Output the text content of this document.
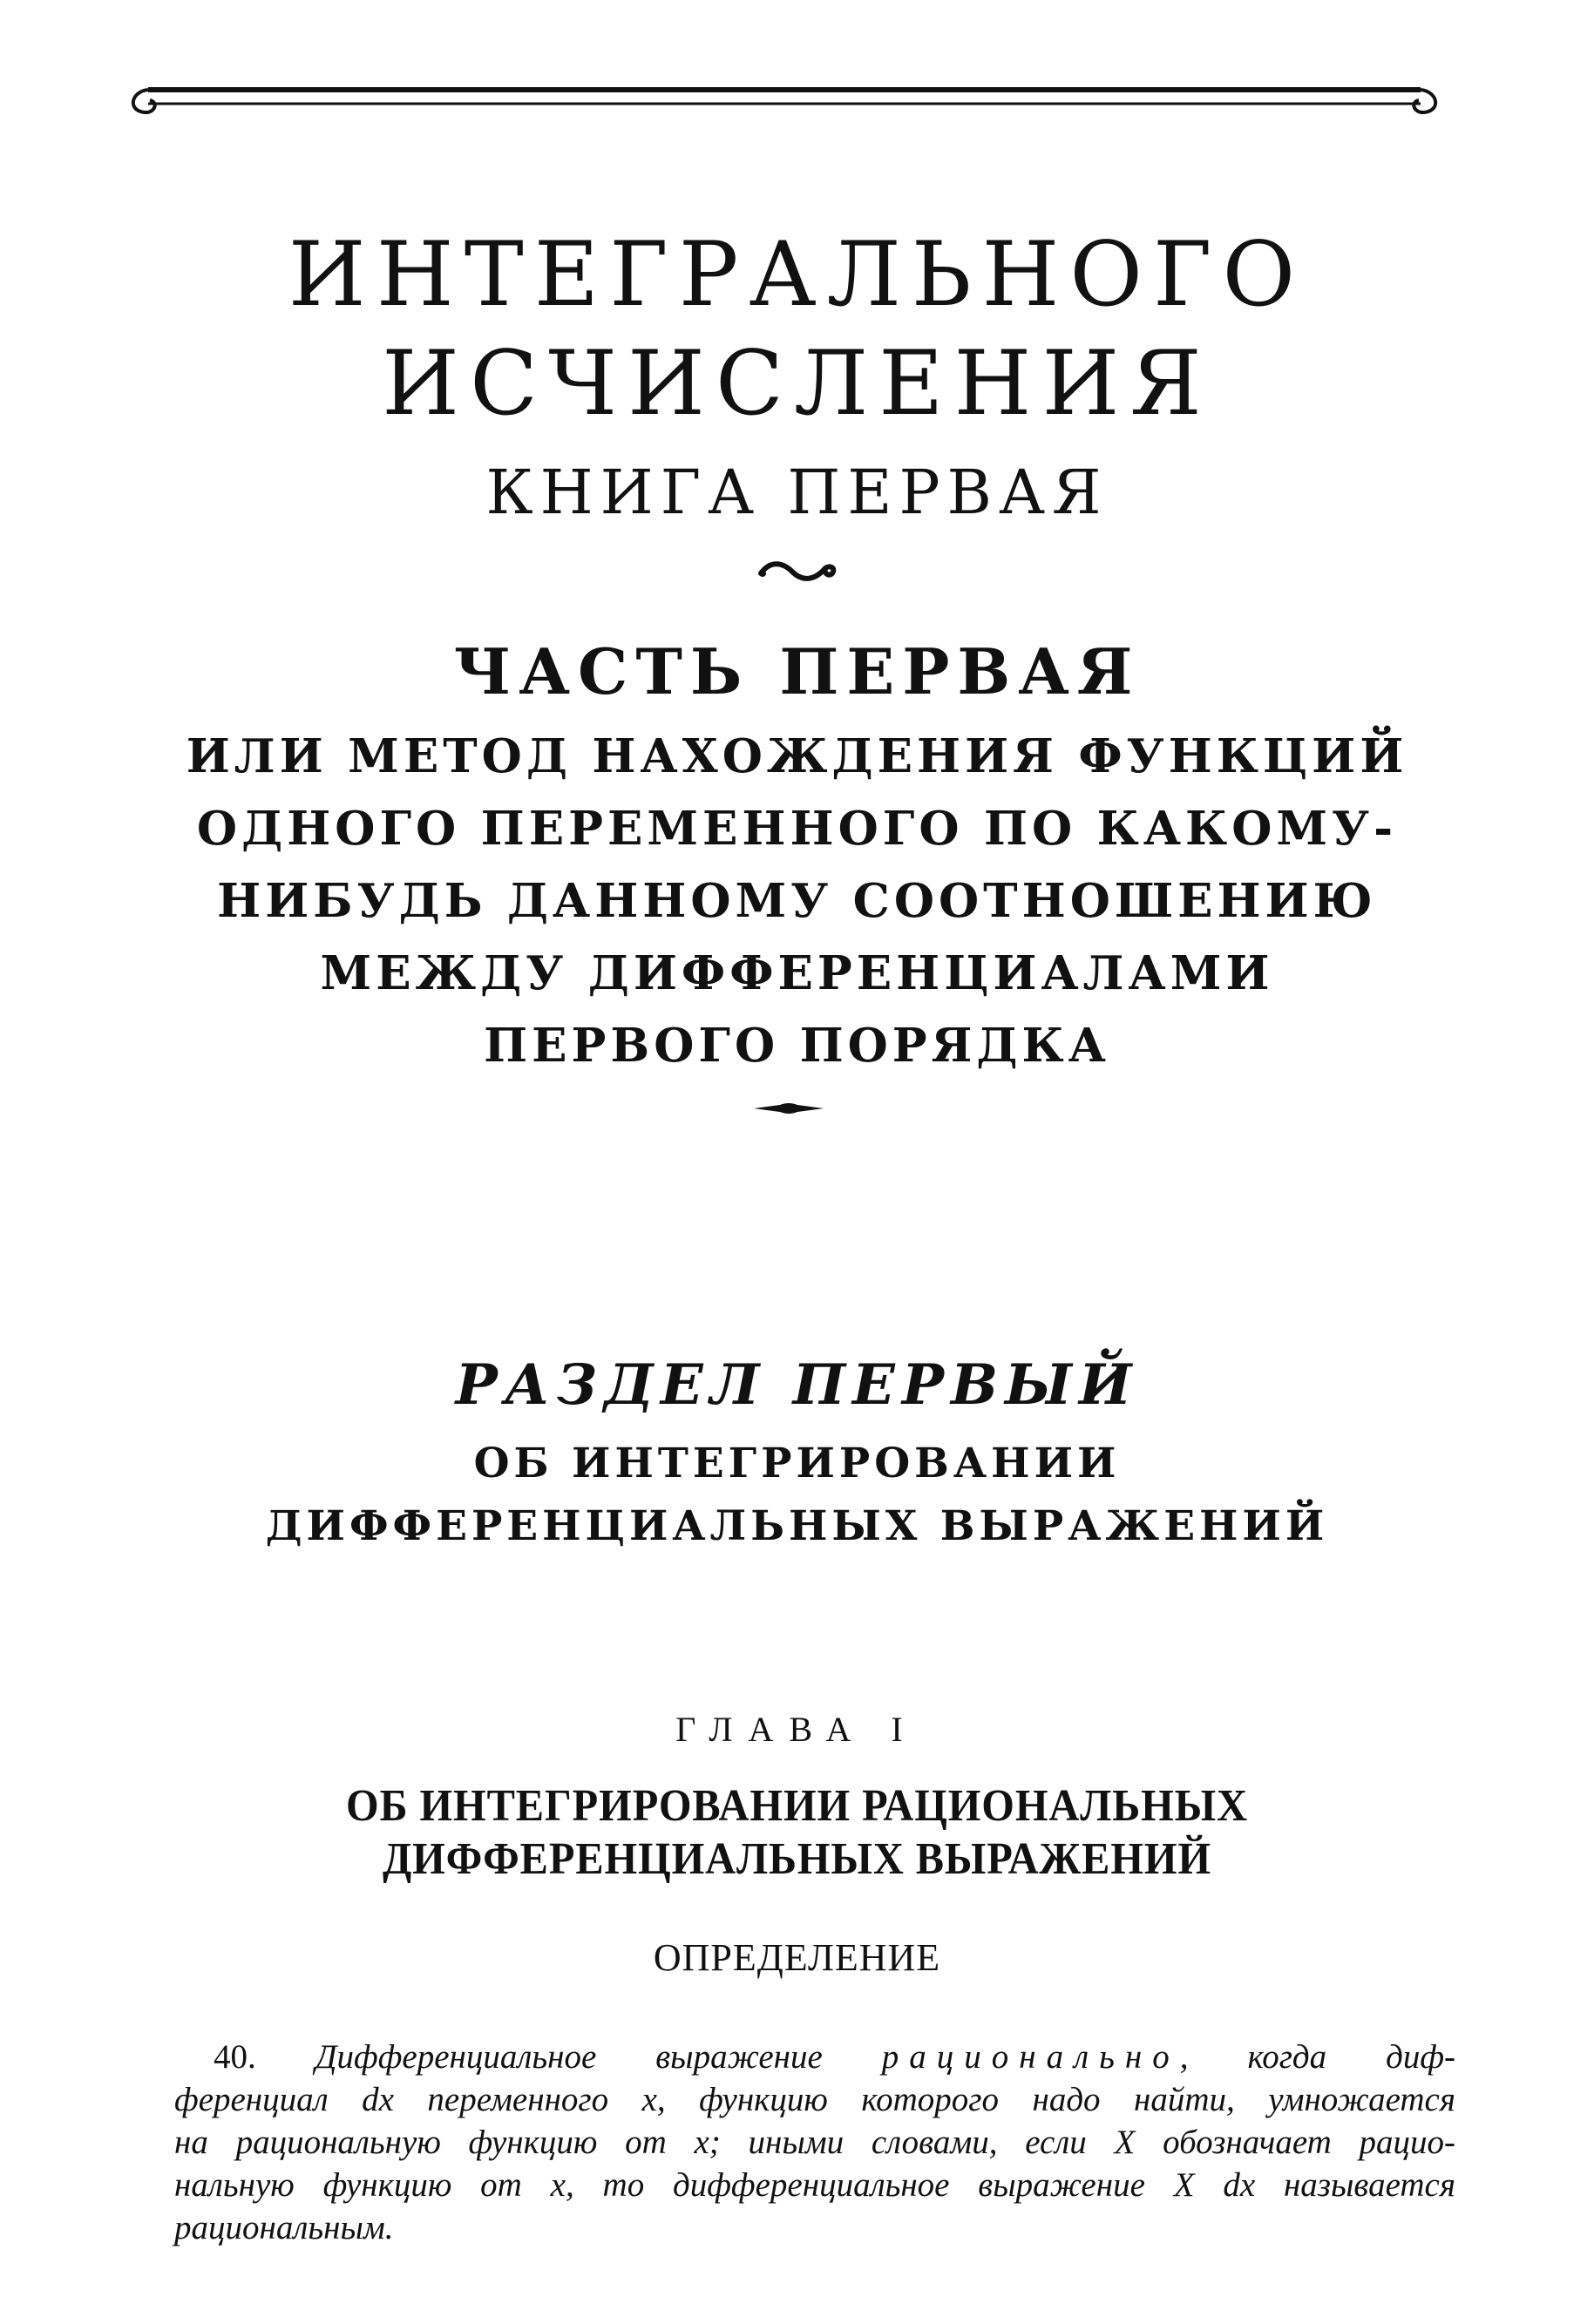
ИНТЕГРАЛЬНОГО
ИСЧИСЛЕНИЯ
КНИГА ПЕРВАЯ
ЧАСТЬ ПЕРВАЯ
ИЛИ МЕТОД НАХОЖДЕНИЯ ФУНКЦИЙ
ОДНОГО ПЕРЕМЕННОГО ПО КАКОМУ-
НИБУДЬ ДАННОМУ СООТНОШЕНИЮ
МЕЖДУ ДИФФЕРЕНЦИАЛАМИ
ПЕРВОГО ПОРЯДКА
РАЗДЕЛ ПЕРВЫЙ
ОБ ИНТЕГРИРОВАНИИ
ДИФФЕРЕНЦИАЛЬНЫХ ВЫРАЖЕНИЙ
ГЛАВА I
ОБ ИНТЕГРИРОВАНИИ РАЦИОНАЛЬНЫХ
ДИФФЕРЕНЦИАЛЬНЫХ ВЫРАЖЕНИЙ
ОПРЕДЕЛЕНИЕ
40. Дифференциальное выражение рационально, когда диф-
ференциал dx переменного x, функцию которого надо найти, умножается
на рациональную функцию от x; иными словами, если X обозначает рацио-
нальную функцию от x, то дифференциальное выражение X dx называется
рациональным.
